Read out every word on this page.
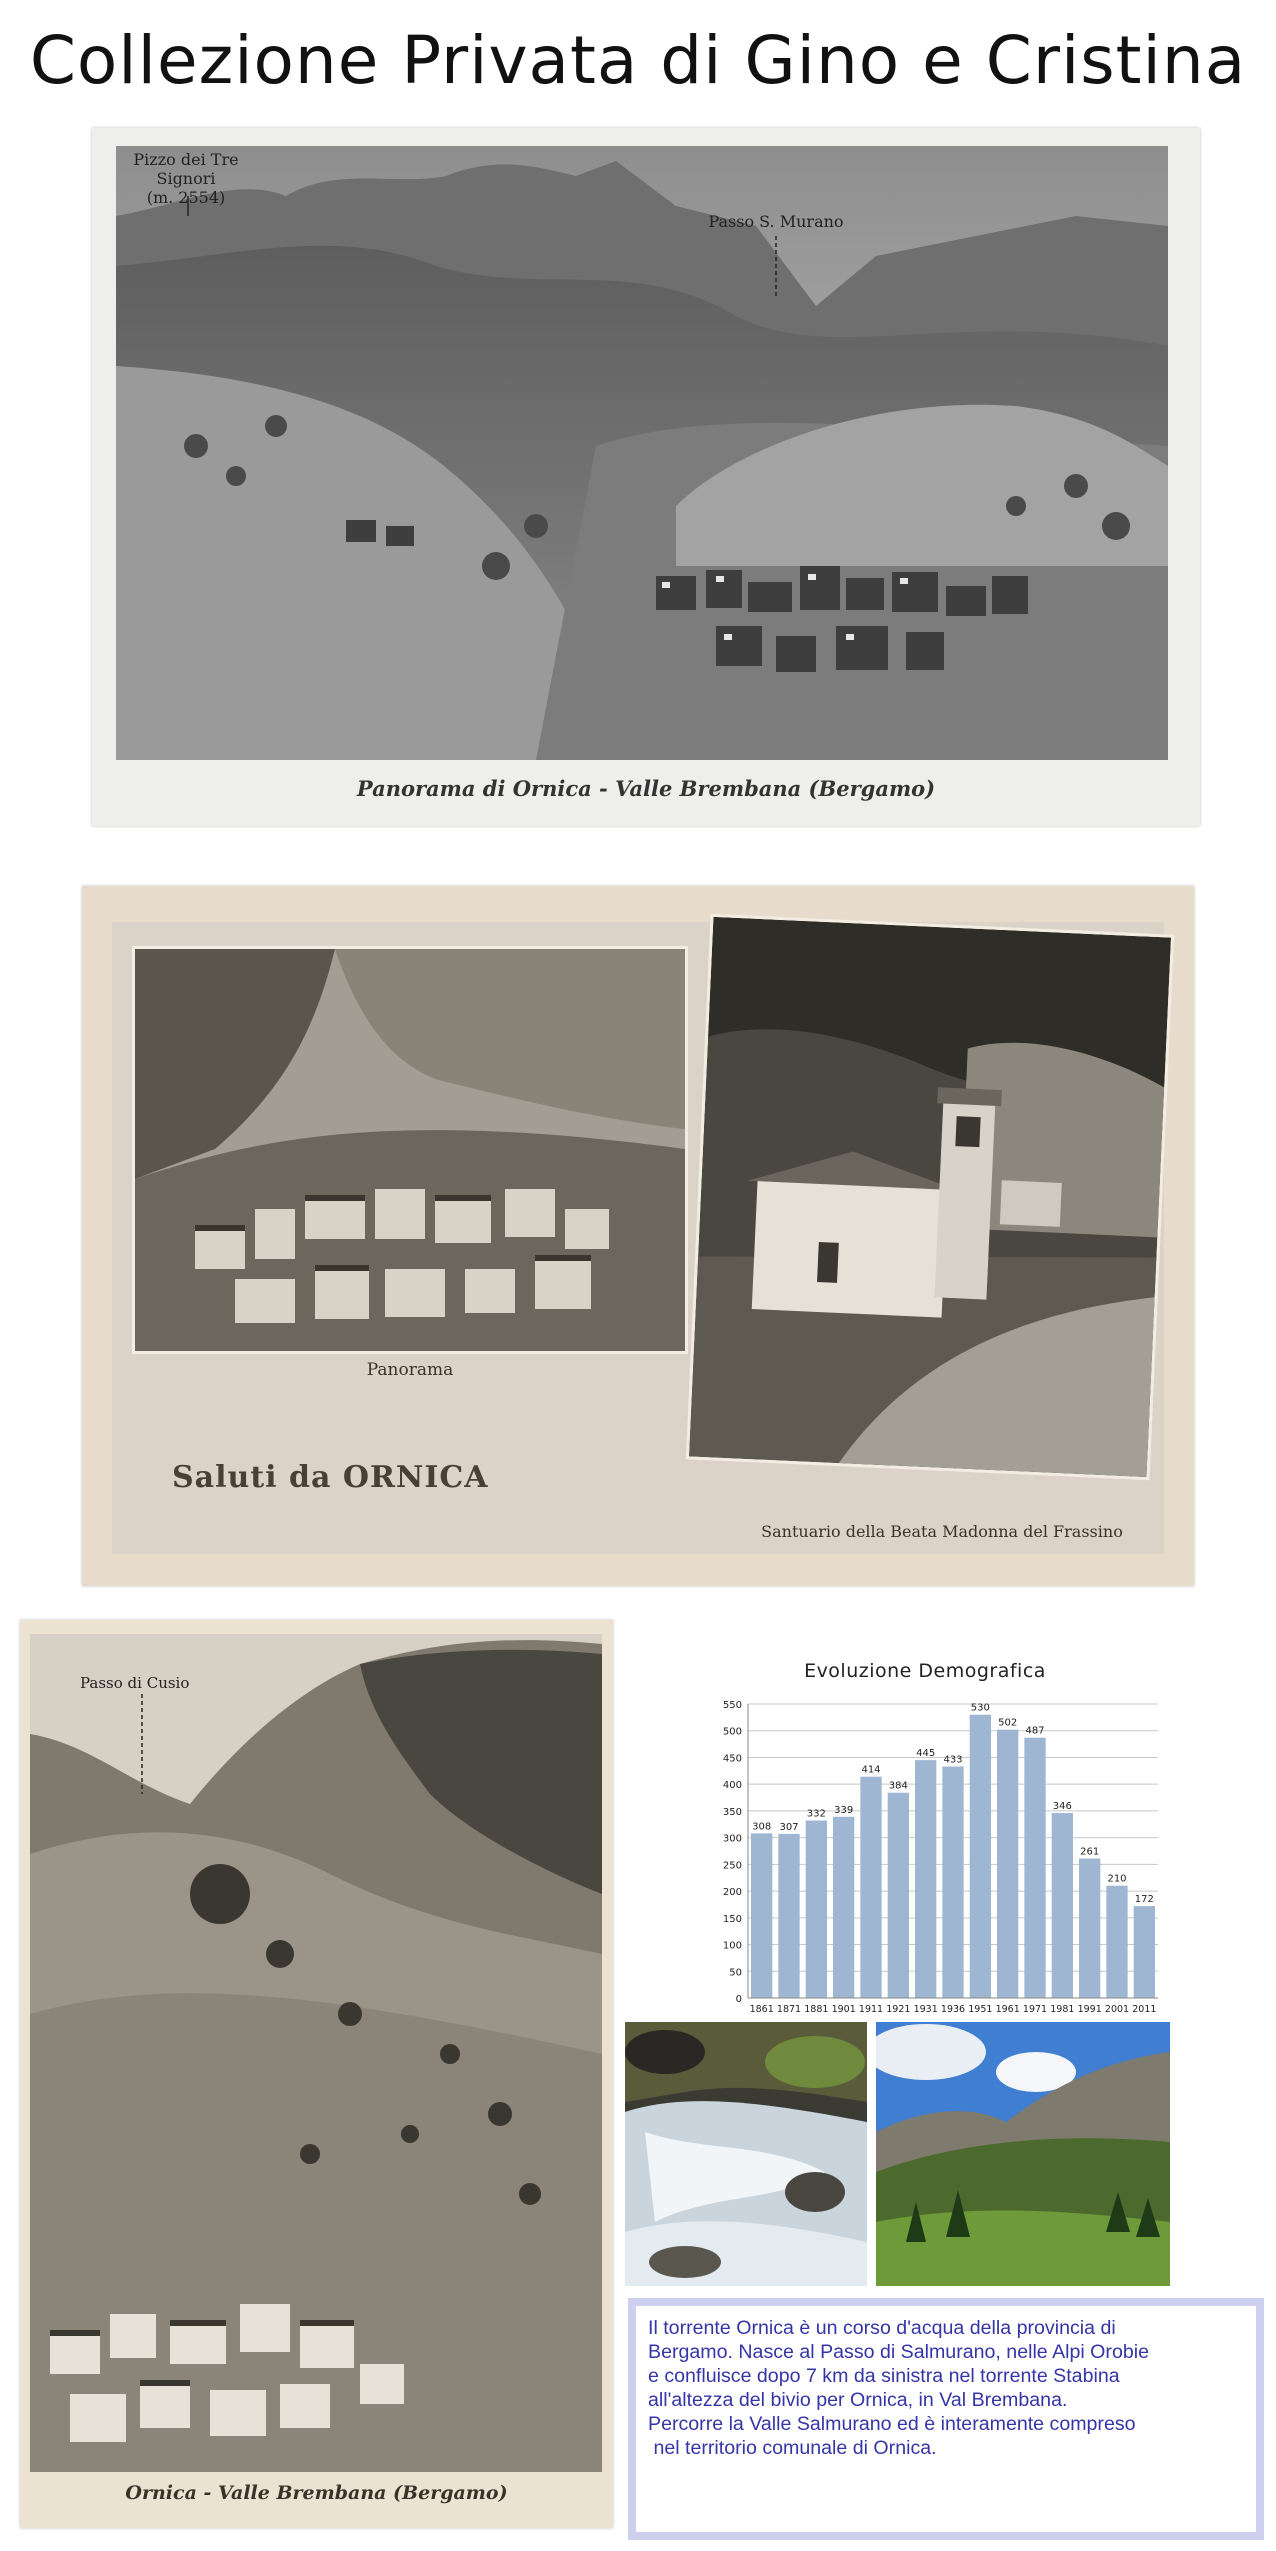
Collezione Privata di Gino e Cristina
Pizzo dei Tre Signori
(m. 2554)
Passo S. Murano
Panorama di Ornica - Valle Brembana (Bergamo)
Panorama
Saluti da ORNICA
Santuario della Beata Madonna del Frassino
Passo di Cusio
Ornica - Valle Brembana (Bergamo)
Evoluzione Demografica
0
50
100
150
200
250
300
350
400
450
500
550
308
1861
307
1871
332
1881
339
1901
414
1911
384
1921
445
1931
433
1936
530
1951
502
1961
487
1971
346
1981
261
1991
210
2001
172
2011

Il torrente Ornica è un corso d'acqua della provincia di

Bergamo. Nasce al Passo di Salmurano, nelle Alpi Orobie

e confluisce dopo 7 km da sinistra nel torrente Stabina

all'altezza del bivio per Ornica, in Val Brembana.

Percorre la Valle Salmurano ed è interamente compreso

nel territorio comunale di Ornica.
